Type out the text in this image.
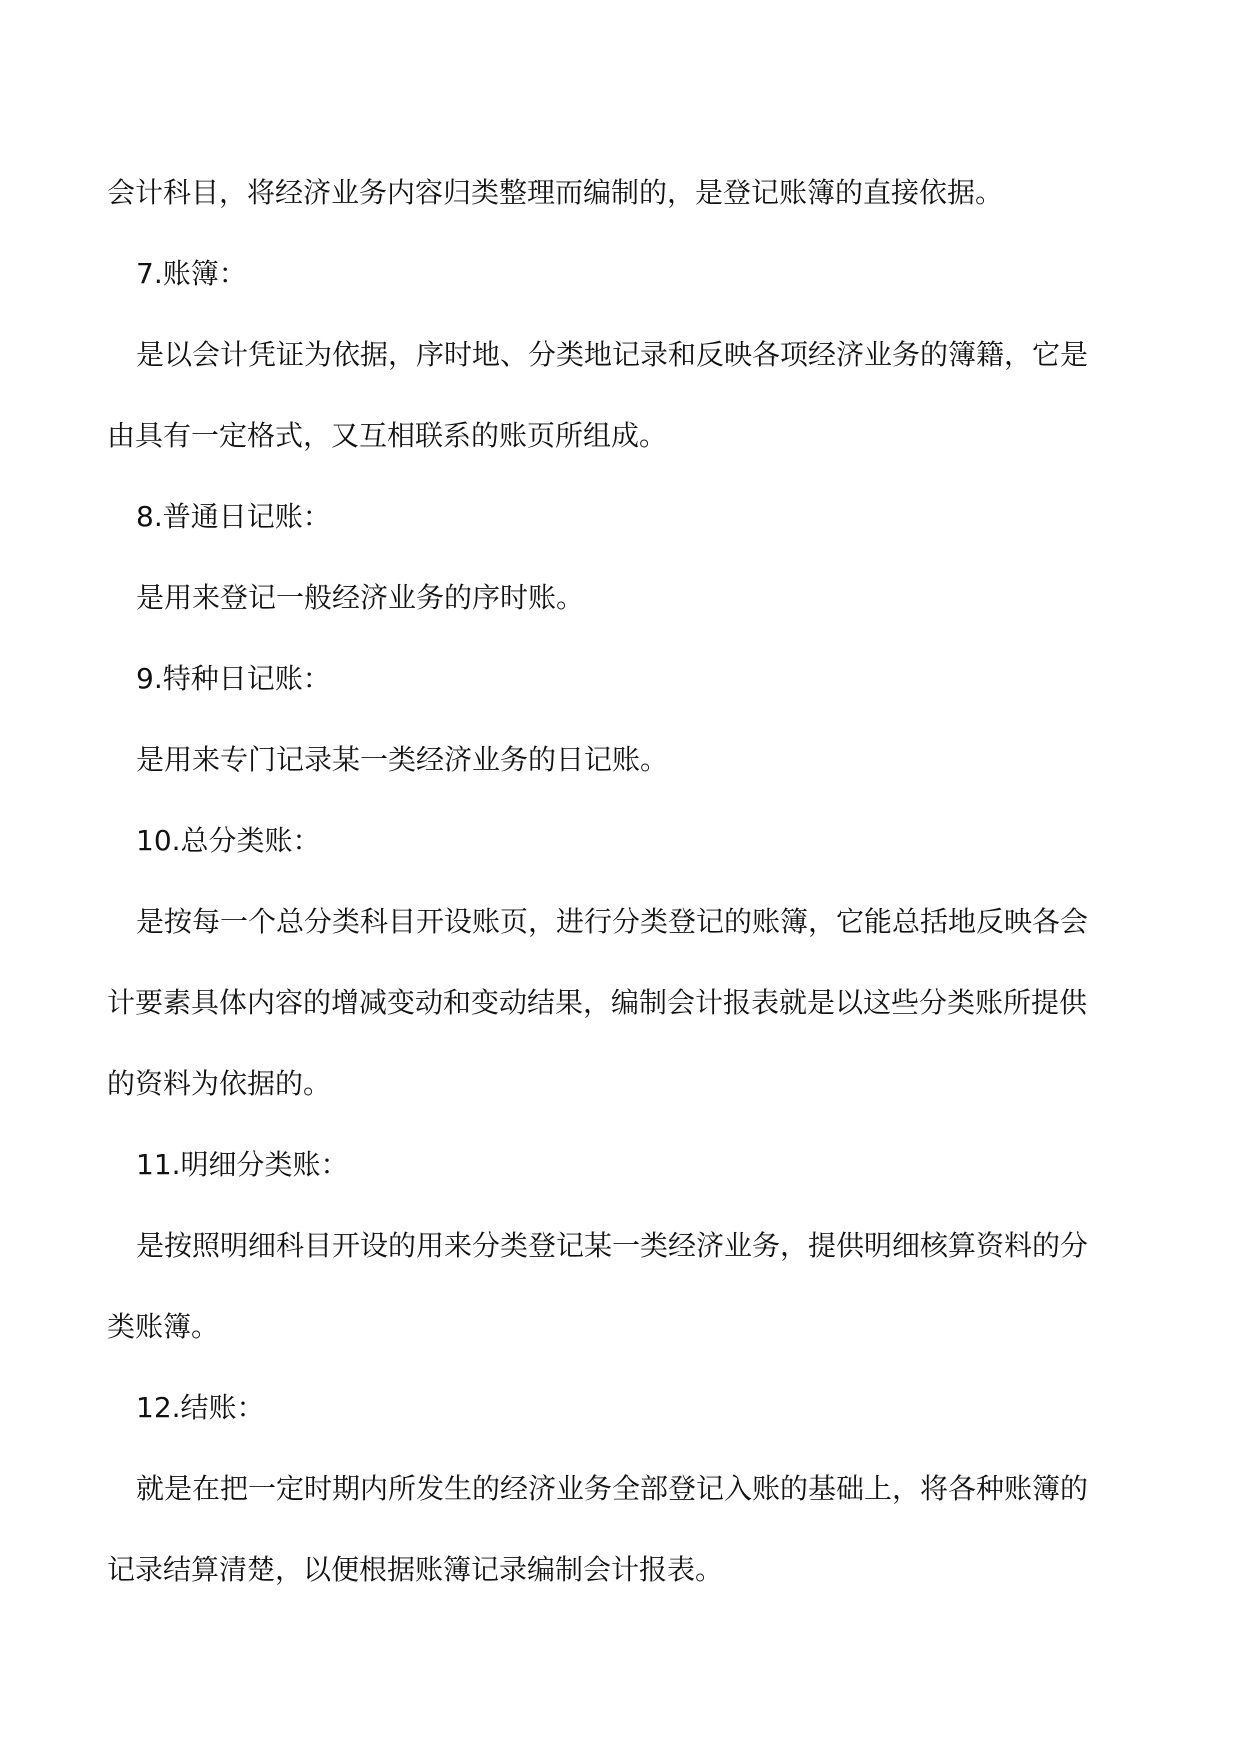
会计科目，将经济业务内容归类整理而编制的，是登记账簿的直接依据。

7.账簿：

是以会计凭证为依据，序时地、分类地记录和反映各项经济业务的簿籍，它是

由具有一定格式，又互相联系的账页所组成。

8.普通日记账：

是用来登记一般经济业务的序时账。

9.特种日记账：

是用来专门记录某一类经济业务的日记账。

10.总分类账：

是按每一个总分类科目开设账页，进行分类登记的账簿，它能总括地反映各会

计要素具体内容的增减变动和变动结果，编制会计报表就是以这些分类账所提供

的资料为依据的。

11.明细分类账：

是按照明细科目开设的用来分类登记某一类经济业务，提供明细核算资料的分

类账簿。

12.结账：

就是在把一定时期内所发生的经济业务全部登记入账的基础上，将各种账簿的

记录结算清楚，以便根据账簿记录编制会计报表。
